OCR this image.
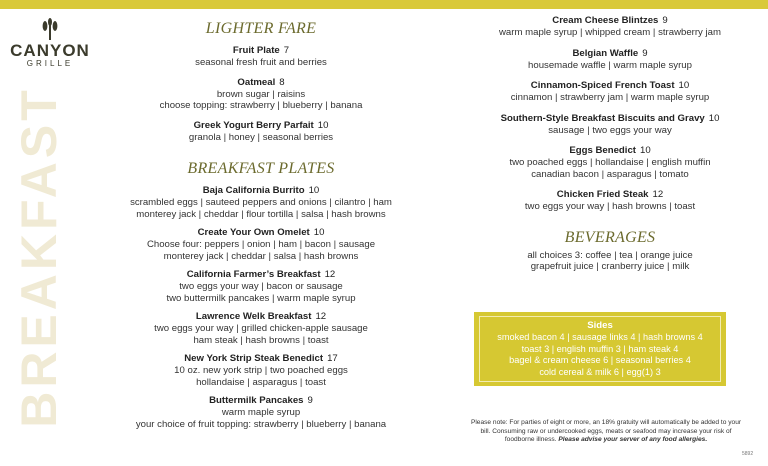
CANYON
GRILLE
BREAKFAST
LIGHTER FARE
Fruit Plate 7
seasonal fresh fruit and berries
Oatmeal 8
brown sugar | raisins
choose topping: strawberry | blueberry | banana
Greek Yogurt Berry Parfait 10
granola | honey | seasonal berries
BREAKFAST PLATES
Baja California Burrito 10
scrambled eggs | sauteed peppers and onions | cilantro | ham
monterey jack | cheddar | flour tortilla | salsa | hash browns
Create Your Own Omelet 10
Choose four: peppers | onion | ham | bacon | sausage
monterey jack | cheddar | salsa | hash browns
California Farmer’s Breakfast 12
two eggs your way | bacon or sausage
two buttermilk pancakes | warm maple syrup
Lawrence Welk Breakfast 12
two eggs your way | grilled chicken-apple sausage
ham steak | hash browns | toast
New York Strip Steak Benedict 17
10 oz. new york strip | two poached eggs
hollandaise | asparagus | toast
Buttermilk Pancakes 9
warm maple syrup
your choice of fruit topping: strawberry | blueberry | banana
Cream Cheese Blintzes 9
warm maple syrup | whipped cream | strawberry jam
Belgian Waffle 9
housemade waffle | warm maple syrup
Cinnamon-Spiced French Toast 10
cinnamon | strawberry jam | warm maple syrup
Southern-Style Breakfast Biscuits and Gravy 10
sausage | two eggs your way
Eggs Benedict 10
two poached eggs | hollandaise | english muffin
canadian bacon | asparagus | tomato
Chicken Fried Steak 12
two eggs your way | hash browns | toast
BEVERAGES
all choices 3: coffee | tea | orange juice
grapefruit juice | cranberry juice | milk
Sides
smoked bacon 4 | sausage links 4 | hash browns 4
toast 3 | english muffin 3 | ham steak 4
bagel & cream cheese 6 | seasonal berries 4
cold cereal & milk 6 | egg(1) 3
Please note: For parties of eight or more, an 18% gratuity will automatically be added to your bill. Consuming raw or undercooked eggs, meats or seafood may increase your risk of foodborne illness. Please advise your server of any food allergies.
5892
